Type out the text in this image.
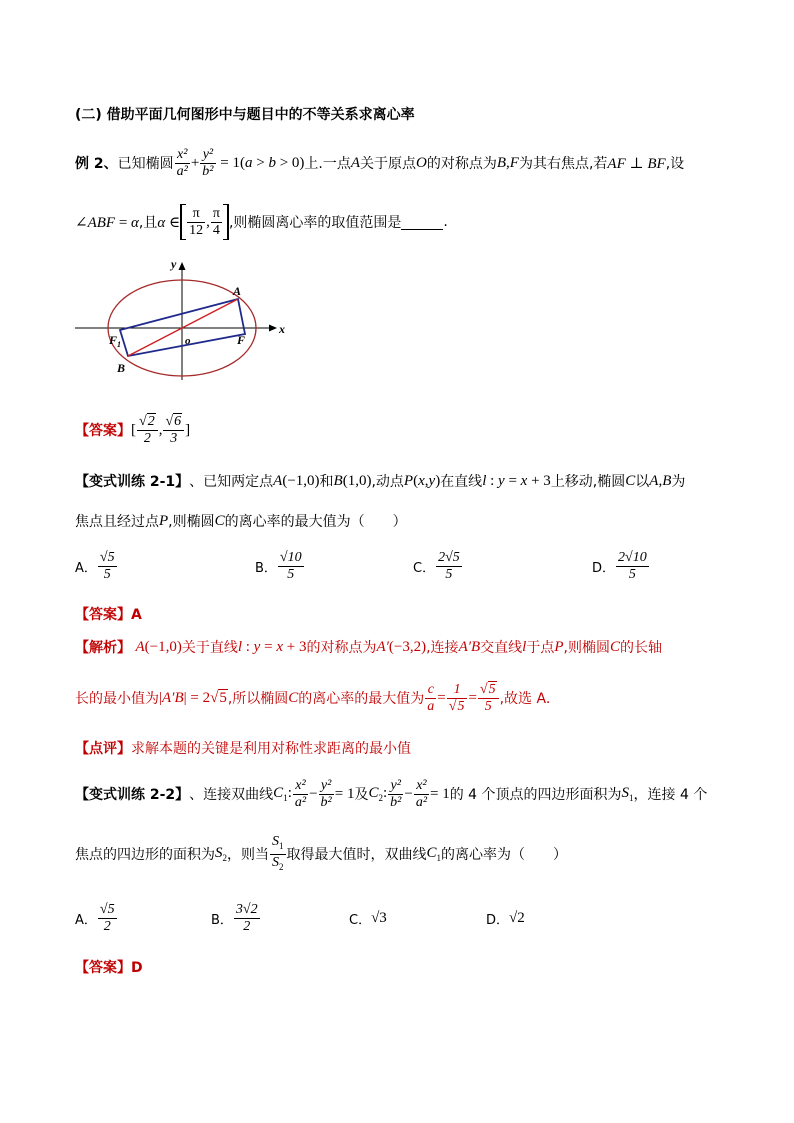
(二) 借助平面几何图形中与题目中的不等关系求离心率
例 2、 已知椭圆 $\frac{\text{x²}}{\text{a²}} + \frac{\text{y²}}{\text{b²}} = 1(a > b > 0)$ 上.一点 A 关于原点 O 的对称点为 B,F 为其右焦点,若 AF ⊥ BF ,设
∠ABF = α ,且 α ∈ $\frac{\pi}{12}$ , $\frac{\pi}{4}$ ,则椭圆离心率的取值范围是	.
y
x
A
B
F
$F_1$	o
【答案】 [ $\frac{√2}{2}$ , $\frac{√6}{3}$ ]
【变式训练 2-1】 、已知两定点 A(−1,0) 和 B(1,0) ,动点 P(x,y) 在直线 l : y = x + 3 上移动,椭圆 C 以 A,B 为
焦点且经过点 P ,则椭圆 C 的离心率的最大值为（　　）
A． $\frac{√5}{5}$	B． $\frac{√10}{5}$	C． $\frac{2√5}{5}$	D． $\frac{2√10}{5}$
【答案】A
【解析】
A(−1,0) 关于直线 l : y = x + 3 的对称点为 A′(−3,2) ,连接 A′B 交直线 l 于点 P ,则椭圆 C 的长轴
长的最小值为 |A′B| = 2√5 ,所以椭圆 C 的离心率的最大值为 $\frac{c}{a} = \frac{1}{√5} = \frac{√5}{5}$ ,故选 A.
【点评】求解本题的关键是利用对称性求距离的最小值
【变式训练 2-2】 、连接双曲线 $C_1$: $\frac{\text{x²}}{\text{a²}} - \frac{\text{y²}}{\text{b²}} = 1$ 及 $C_2$: $\frac{\text{y²}}{\text{b²}} - \frac{\text{x²}}{\text{a²}} = 1$ 的 4 个顶点的四边形面积为 $S_1$ ，连接 4 个
焦点的四边形的面积为 $S_2$ ，则当 $\frac{S_1}{S_2}$ 取得最大值时，双曲线 $C_1$ 的离心率为（　　）
A． $\frac{√5}{2}$	B． $\frac{3√2}{2}$	C． √3	D． √2
【答案】D
